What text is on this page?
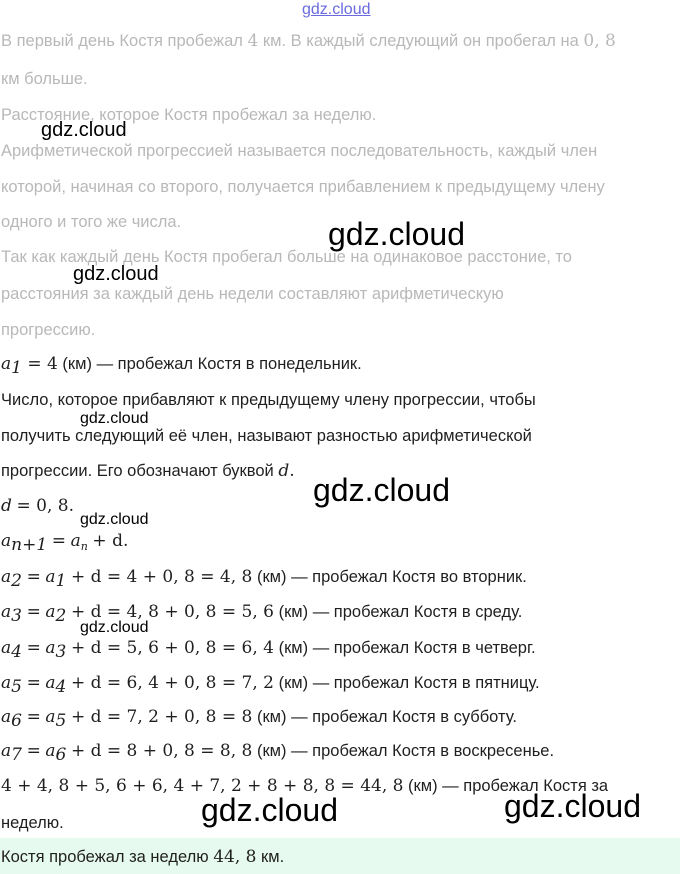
В первый день Костя пробежал 4 км. В каждый следующий он пробегал на 0, 8
км больше.
Расстояние, которое Костя пробежал за неделю.
Арифметической прогрессией называется последовательность, каждый член
которой, начиная со второго, получается прибавлением к предыдущему члену
одного и того же числа.
Так как каждый день Костя пробегал больше на одинаковое расстоние, то
расстояния за каждый день недели составляют арифметическую
прогрессию.
$a_1 = 4$ (км) — пробежал Костя в понедельник.
Число, которое прибавляют к предыдущему члену прогрессии, чтобы
получить следующий её член, называют разностью арифметической
прогрессии. Его обозначают буквой d.
d = 0, 8.
$a_{n+1} = a_n + d$.
$a_2 = a_1 + d = 4 + 0$, 8 = 4, 8 (км) — пробежал Костя во вторник.
$a_3 = a_2 + d = 4$, 8 + 0, 8 = 5, 6 (км) — пробежал Костя в среду.
$a_4 = a_3 + d = 5$, 6 + 0, 8 = 6, 4 (км) — пробежал Костя в четверг.
$a_5 = a_4 + d = 6$, 4 + 0, 8 = 7, 2 (км) — пробежал Костя в пятницу.
$a_6 = a_5 + d = 7$, 2 + 0, 8 = 8 (км) — пробежал Костя в субботу.
$a_7 = a_6 + d = 8 + 0$, 8 = 8, 8 (км) — пробежал Костя в воскресенье.
4 + 4, 8 + 5, 6 + 6, 4 + 7, 2 + 8 + 8, 8 = 44, 8 (км) — пробежал Костя за
неделю.
Костя пробежал за неделю 44, 8 км.
gdz.cloud
gdz.cloud
gdz.cloud
gdz.cloud
gdz.cloud
gdz.cloud
gdz.cloud
gdz.cloud
gdz.cloud	gdz.cloud
